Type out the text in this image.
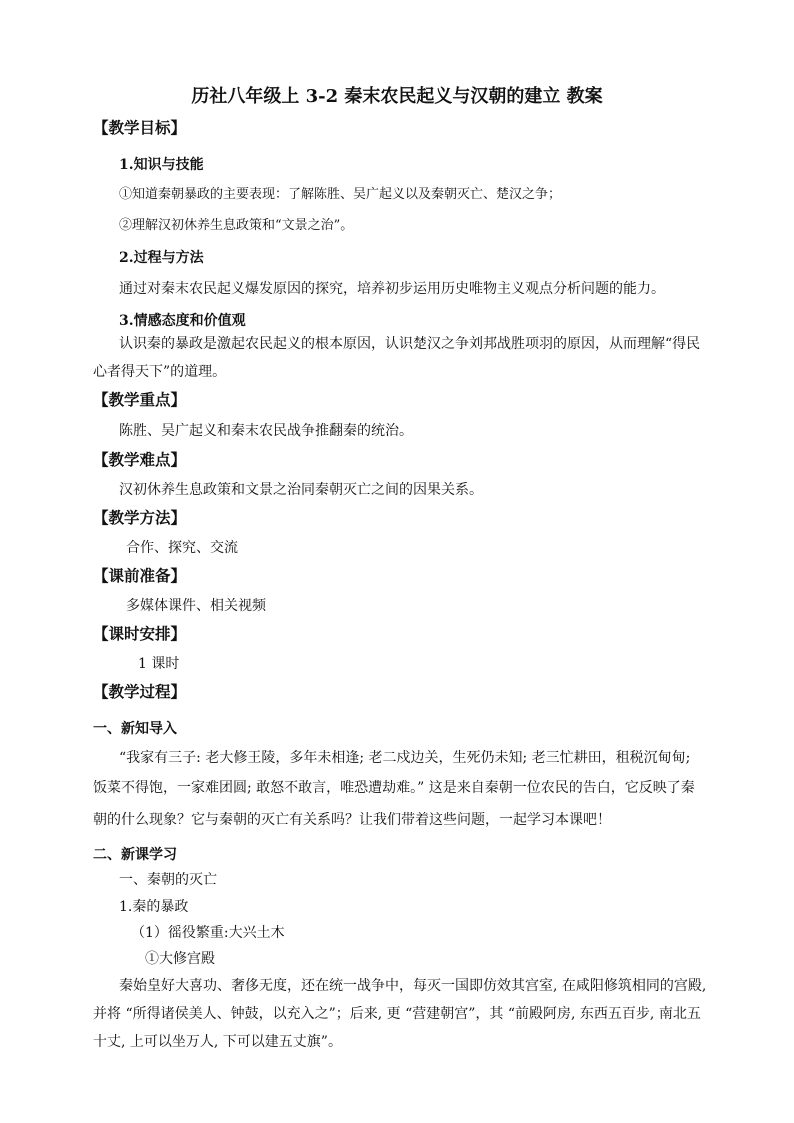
历社八年级上 3-2 秦末农民起义与汉朝的建立 教案
【教学目标】
1.知识与技能
①知道秦朝暴政的主要表现：了解陈胜、吴广起义以及秦朝灭亡、楚汉之争；
②理解汉初休养生息政策和“文景之治”。
2.过程与方法
通过对秦末农民起义爆发原因的探究，培养初步运用历史唯物主义观点分析问题的能力。
3.情感态度和价值观
认识秦的暴政是激起农民起义的根本原因，认识楚汉之争刘邦战胜项羽的原因，从而理解“得民
心者得天下”的道理。
【教学重点】
陈胜、吴广起义和秦末农民战争推翻秦的统治。
【教学难点】
汉初休养生息政策和文景之治同秦朝灭亡之间的因果关系。
【教学方法】
合作、探究、交流
【课前准备】
多媒体课件、相关视频
【课时安排】
1 课时
【教学过程】
一、新知导入
“我家有三子: 老大修王陵，多年未相逢; 老二戍边关，生死仍未知; 老三忙耕田，租税沉甸甸;
饭菜不得饱，一家难团圆; 敢怒不敢言，唯恐遭劫难。” 这是来自秦朝一位农民的告白，它反映了秦
朝的什么现象？它与秦朝的灭亡有关系吗？让我们带着这些问题，一起学习本课吧！
二、新课学习
一、秦朝的灭亡
1.秦的暴政
（1）徭役繁重:大兴土木
①大修宫殿
秦始皇好大喜功、奢侈无度，还在统一战争中，每灭一国即仿效其宫室, 在咸阳修筑相同的宫殿,
并将 “所得诸侯美人、钟鼓，以充入之”；后来, 更 “营建朝宫”，其 “前殿阿房, 东西五百步, 南北五
十丈, 上可以坐万人, 下可以建五丈旗”。
